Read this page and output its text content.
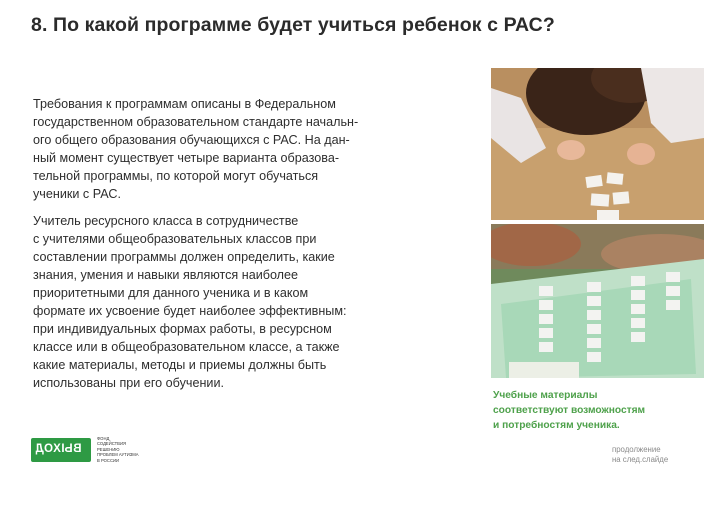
8. По какой программе будет учиться ребенок с РАС?
Требования к программам описаны в Федеральном
государственном образовательном стандарте начальн-
ого общего образования обучающихся с РАС. На дан-
ный момент существует четыре варианта образова-
тельной программы, по которой могут обучаться
ученики с РАС.
Учитель ресурсного класса в сотрудничестве
с учителями общеобразовательных классов при
составлении программы должен определить, какие
знания, умения и навыки являются наиболее
приоритетными для данного ученика и в каком
формате их усвоение будет наиболее эффективным:
при индивидуальных формах работы, в ресурсном
классе или в общеобразовательном классе, а также
какие материалы, методы и приемы должны быть
использованы при его обучении.
Учебные материалы
соответствуют возможностям
и потребностям ученика.
ВЫХОД
ФОНД
СОДЕЙСТВИЯ
РЕШЕНИЮ
ПРОБЛЕМ АУТИЗМА
В РОССИИ
продолжение
на след.слайде
